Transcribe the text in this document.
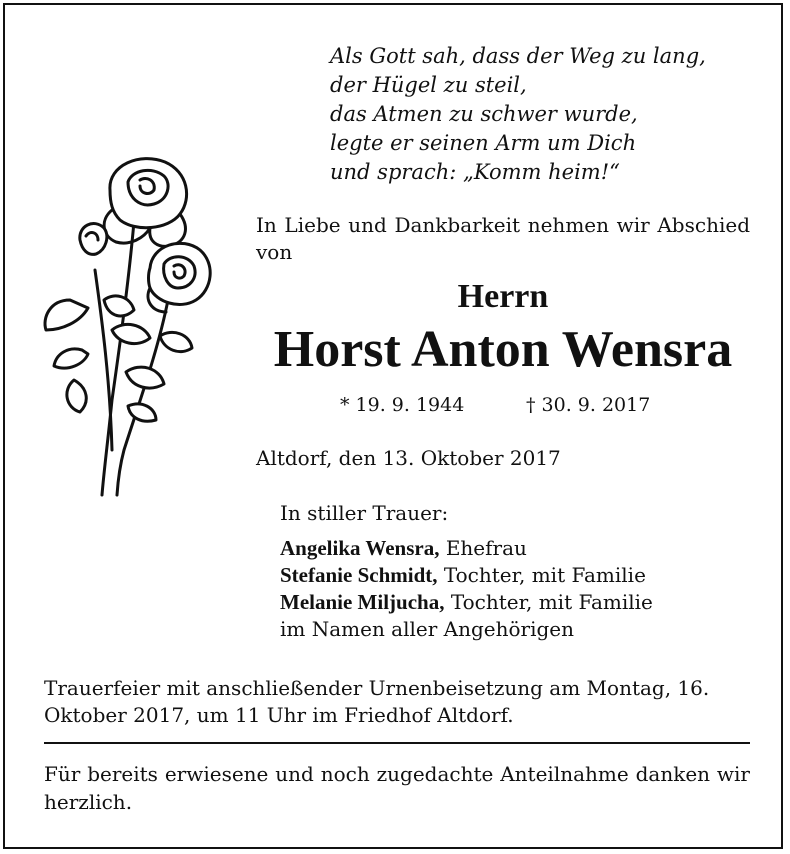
Als Gott sah, dass der Weg zu lang,
der Hügel zu steil,
das Atmen zu schwer wurde,
legte er seinen Arm um Dich
und sprach: „Komm heim!“
In Liebe und Dankbarkeit nehmen wir Abschied von
Herrn
Horst Anton Wensra
* 19. 9. 1944	† 30. 9. 2017
Altdorf, den 13. Oktober 2017
In stiller Trauer:
Angelika Wensra, Ehefrau
Stefanie Schmidt, Tochter, mit Familie
Melanie Miljucha, Tochter, mit Familie
im Namen aller Angehörigen
Trauerfeier mit anschließender Urnenbeisetzung am Montag, 16. Oktober 2017, um 11 Uhr im Friedhof Altdorf.
Für bereits erwiesene und noch zugedachte Anteilnahme danken wir herzlich.
